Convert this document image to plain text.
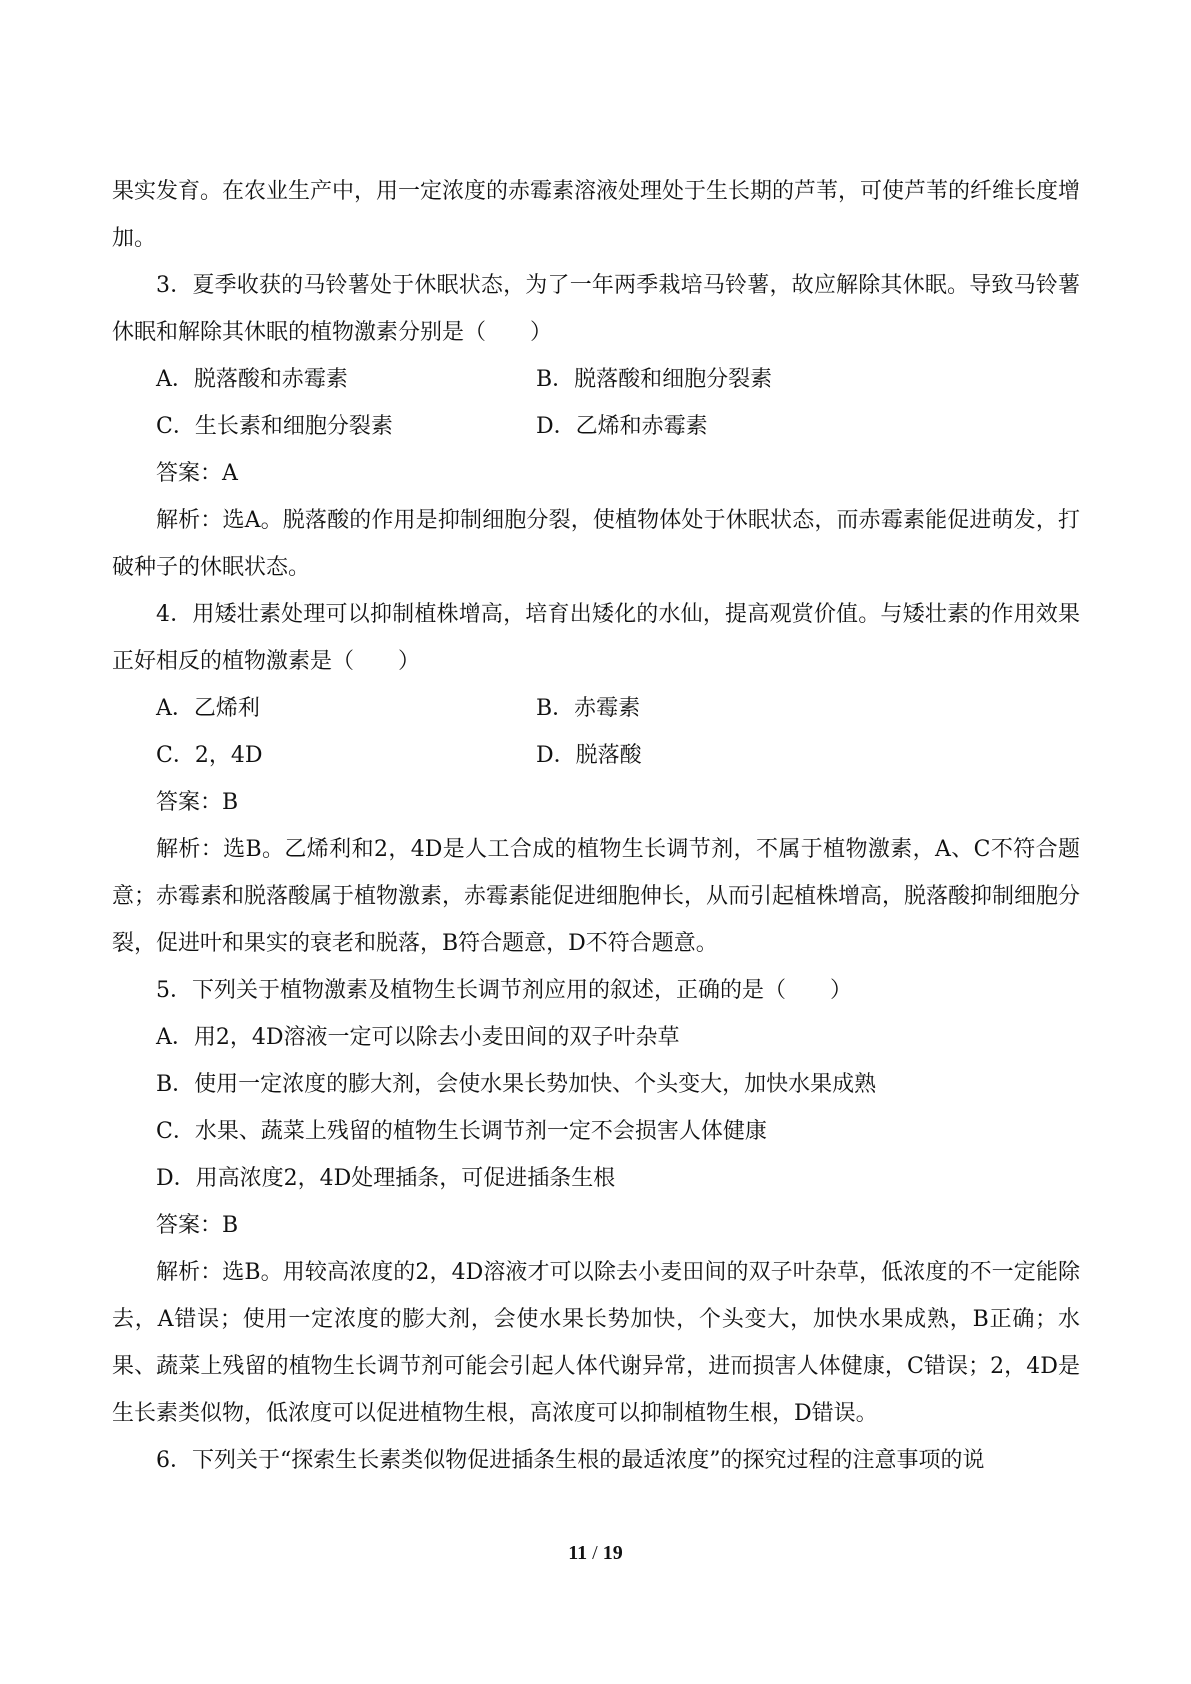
果实发育。在农业生产中，用一定浓度的赤霉素溶液处理处于生长期的芦苇，可使芦苇的纤维长度增加。

3．夏季收获的马铃薯处于休眠状态，为了一年两季栽培马铃薯，故应解除其休眠。导致马铃薯休眠和解除其休眠的植物激素分别是（　　）

A．脱落酸和赤霉素	B．脱落酸和细胞分裂素
C．生长素和细胞分裂素	D．乙烯和赤霉素

答案：A

解析：选A。脱落酸的作用是抑制细胞分裂，使植物体处于休眠状态，而赤霉素能促进萌发，打破种子的休眠状态。

4．用矮壮素处理可以抑制植株增高，培育出矮化的水仙，提高观赏价值。与矮壮素的作用效果正好相反的植物激素是（　　）

A．乙烯利	B．赤霉素
C．2，4D	D．脱落酸

答案：B

解析：选B。乙烯利和2，4D是人工合成的植物生长调节剂，不属于植物激素，A、C不符合题意；赤霉素和脱落酸属于植物激素，赤霉素能促进细胞伸长，从而引起植株增高，脱落酸抑制细胞分裂，促进叶和果实的衰老和脱落，B符合题意，D不符合题意。

5．下列关于植物激素及植物生长调节剂应用的叙述，正确的是（　　）

A．用2，4D溶液一定可以除去小麦田间的双子叶杂草

B．使用一定浓度的膨大剂，会使水果长势加快、个头变大，加快水果成熟

C．水果、蔬菜上残留的植物生长调节剂一定不会损害人体健康

D．用高浓度2，4D处理插条，可促进插条生根

答案：B

解析：选B。用较高浓度的2，4D溶液才可以除去小麦田间的双子叶杂草，低浓度的不一定能除去，A错误；使用一定浓度的膨大剂，会使水果长势加快，个头变大，加快水果成熟，B正确；水果、蔬菜上残留的植物生长调节剂可能会引起人体代谢异常，进而损害人体健康，C错误；2，4D是生长素类似物，低浓度可以促进植物生根，高浓度可以抑制植物生根，D错误。

6．下列关于“探索生长素类似物促进插条生根的最适浓度”的探究过程的注意事项的说

11 / 19
